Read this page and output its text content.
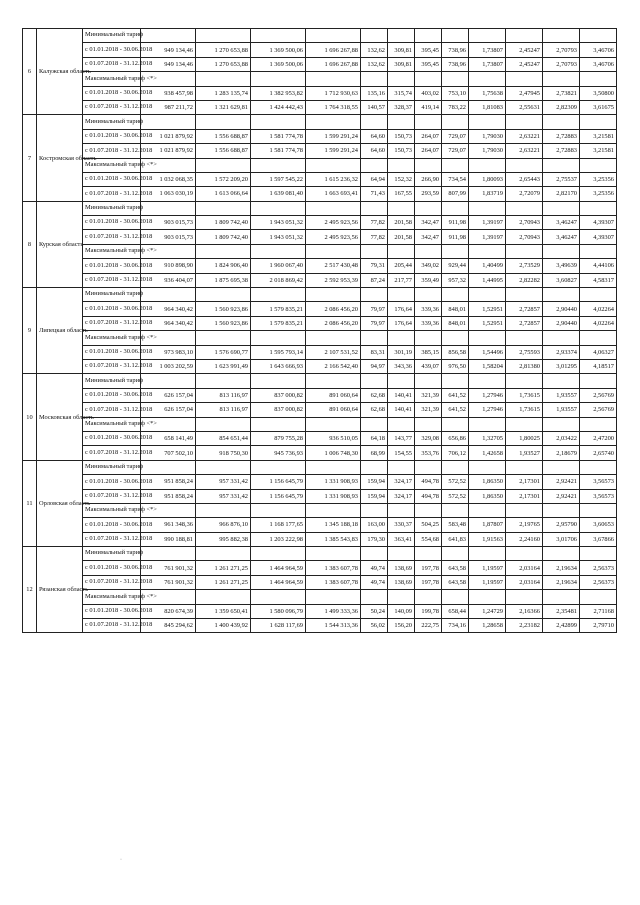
6	Калужская область	Минимальный тариф												
		с 01.01.2018 - 30.06.2018	949 134,46	1 270 653,88	1 369 500,06	1 696 267,88	132,62	309,81	395,45	738,96	1,73807	2,45247	2,70793	3,46706
		с 01.07.2018 - 31.12.2018	949 134,46	1 270 653,88	1 369 500,06	1 696 267,88	132,62	309,81	395,45	738,96	1,73807	2,45247	2,70793	3,46706
		Максимальный тариф <*>												
		с 01.01.2018 - 30.06.2018	938 457,98	1 283 135,74	1 382 953,82	1 712 930,63	135,16	315,74	403,02	753,10	1,75638	2,47945	2,73821	3,50800
		с 01.07.2018 - 31.12.2018	987 211,72	1 321 629,81	1 424 442,43	1 764 318,55	140,57	328,37	419,14	783,22	1,81083	2,55631	2,82309	3,61675
7	Костромская область	Минимальный тариф												
		с 01.01.2018 - 30.06.2018	1 021 879,92	1 556 688,87	1 581 774,78	1 599 291,24	64,60	150,73	264,07	729,07	1,79030	2,63221	2,72883	3,21581
		с 01.07.2018 - 31.12.2018	1 021 879,92	1 556 688,87	1 581 774,78	1 599 291,24	64,60	150,73	264,07	729,07	1,79030	2,63221	2,72883	3,21581
		Максимальный тариф <*>												
		с 01.01.2018 - 30.06.2018	1 032 068,35	1 572 209,20	1 597 545,22	1 615 236,32	64,94	152,32	266,90	734,54	1,80093	2,65443	2,75537	3,25356
		с 01.07.2018 - 31.12.2018	1 063 030,19	1 613 066,64	1 639 081,40	1 663 693,41	71,43	167,55	293,59	807,99	1,83719	2,72079	2,82170	3,25356
8	Курская область	Минимальный тариф												
		с 01.01.2018 - 30.06.2018	903 015,73	1 809 742,40	1 943 051,32	2 495 923,56	77,82	201,58	342,47	911,98	1,39197	2,70943	3,46247	4,39307
		с 01.07.2018 - 31.12.2018	903 015,73	1 809 742,40	1 943 051,32	2 495 923,56	77,82	201,58	342,47	911,98	1,39197	2,70943	3,46247	4,39307
		Максимальный тариф <*>												
		с 01.01.2018 - 30.06.2018	910 898,90	1 824 906,40	1 960 067,40	2 517 430,48	79,31	205,44	349,02	929,44	1,40499	2,73529	3,49639	4,44106
		с 01.07.2018 - 31.12.2018	936 404,07	1 875 695,38	2 018 869,42	2 592 953,39	87,24	217,77	359,49	957,32	1,44995	2,82282	3,60827	4,58317
9	Липецкая область	Минимальный тариф												
		с 01.01.2018 - 30.06.2018	964 340,42	1 560 923,86	1 579 835,21	2 086 456,20	79,97	176,64	339,36	848,01	1,52951	2,72857	2,90440	4,02264
		с 01.07.2018 - 31.12.2018	964 340,42	1 560 923,86	1 579 835,21	2 086 456,20	79,97	176,64	339,36	848,01	1,52951	2,72857	2,90440	4,02264
		Максимальный тариф <*>												
		с 01.01.2018 - 30.06.2018	973 983,10	1 576 690,77	1 595 793,14	2 107 531,52	83,31	301,19	385,15	856,58	1,54496	2,75593	2,93374	4,06327
		с 01.07.2018 - 31.12.2018	1 003 202,59	1 623 991,49	1 643 666,93	2 166 542,40	94,97	343,36	439,07	976,50	1,58204	2,81380	3,01295	4,18517
10	Московская область	Минимальный тариф												
		с 01.01.2018 - 30.06.2018	626 157,04	813 116,97	837 000,82	891 060,64	62,68	140,41	321,39	641,52	1,27946	1,73615	1,93557	2,56769
		с 01.07.2018 - 31.12.2018	626 157,04	813 116,97	837 000,82	891 060,64	62,68	140,41	321,39	641,52	1,27946	1,73615	1,93557	2,56769
		Максимальный тариф <*>												
		с 01.01.2018 - 30.06.2018	658 141,49	854 651,44	879 755,28	936 510,05	64,18	143,77	329,08	656,86	1,32705	1,80025	2,03422	2,47200
		с 01.07.2018 - 31.12.2018	707 502,10	918 750,30	945 736,93	1 006 748,30	68,99	154,55	353,76	706,12	1,42658	1,93527	2,18679	2,65740
11	Орловская область	Минимальный тариф												
		с 01.01.2018 - 30.06.2018	951 858,24	957 331,42	1 156 645,79	1 331 908,93	159,94	324,17	494,78	572,52	1,86350	2,17301	2,92421	3,56573
		с 01.07.2018 - 31.12.2018	951 858,24	957 331,42	1 156 645,79	1 331 908,93	159,94	324,17	494,78	572,52	1,86350	2,17301	2,92421	3,56573
		Максимальный тариф <*>												
		с 01.01.2018 - 30.06.2018	961 348,36	966 876,10	1 168 177,65	1 345 188,18	163,00	330,37	504,25	583,48	1,87807	2,19765	2,95790	3,60653
		с 01.07.2018 - 31.12.2018	990 188,81	995 882,38	1 203 222,98	1 385 543,83	179,30	363,41	554,68	641,83	1,91563	2,24160	3,01706	3,67866
12	Рязанская область	Минимальный тариф												
		с 01.01.2018 - 30.06.2018	761 901,32	1 261 271,25	1 464 964,59	1 383 607,78	49,74	138,69	197,78	643,58	1,19597	2,03164	2,19634	2,56373
		с 01.07.2018 - 31.12.2018	761 901,32	1 261 271,25	1 464 964,59	1 383 607,78	49,74	138,69	197,78	643,58	1,19597	2,03164	2,19634	2,56373
		Максимальный тариф <*>												
		с 01.01.2018 - 30.06.2018	820 674,39	1 359 650,41	1 580 096,79	1 499 333,36	50,24	140,09	199,78	658,44	1,24729	2,16366	2,35481	2,71168
		с 01.07.2018 - 31.12.2018	845 294,62	1 400 439,92	1 628 117,69	1 544 313,36	56,02	156,20	222,75	734,16	1,28658	2,23182	2,42899	2,79710
·
